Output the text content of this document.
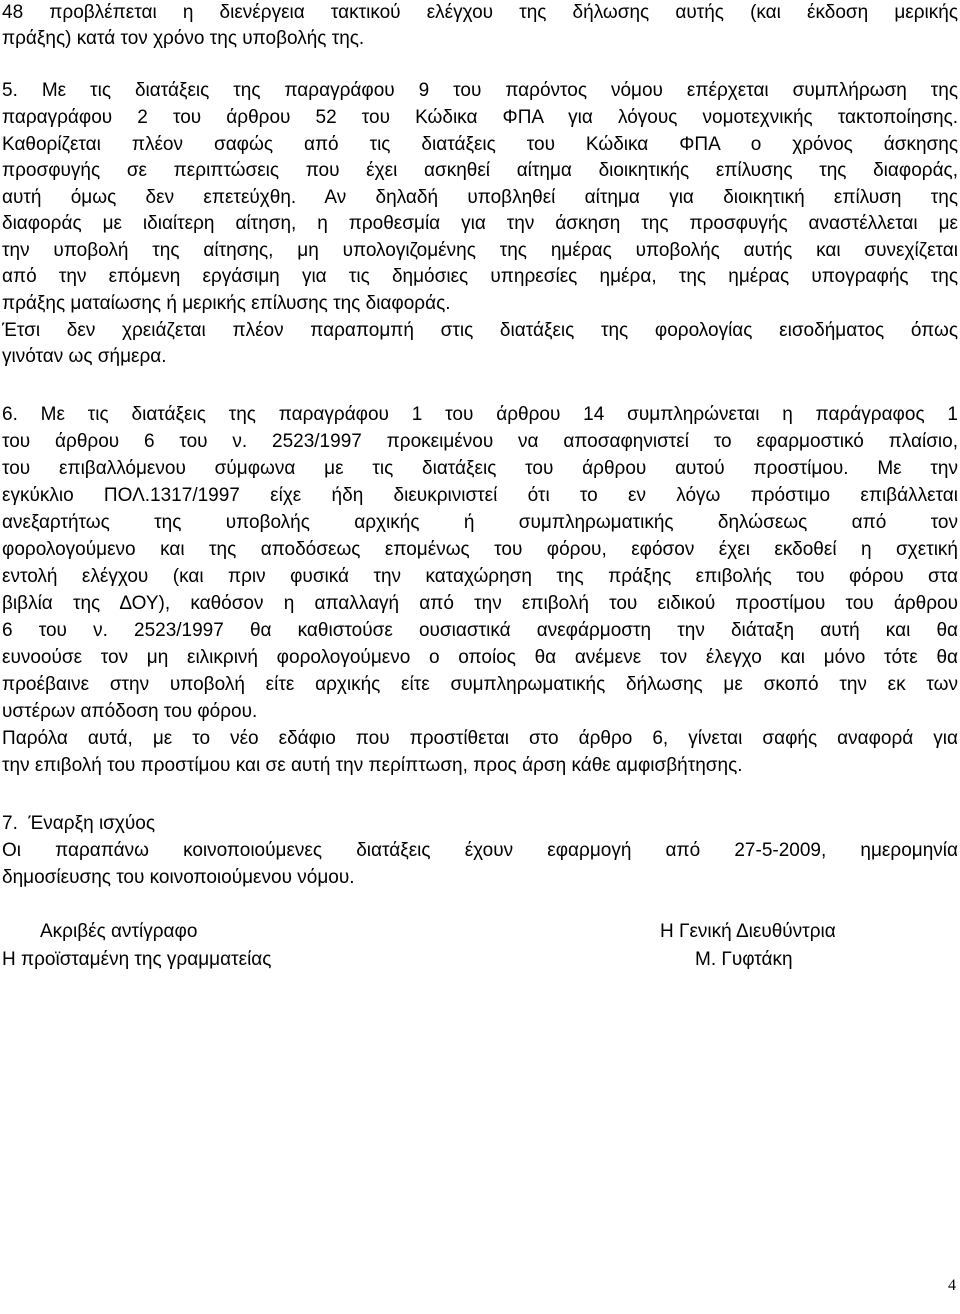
48 προβλέπεται η διενέργεια τακτικού ελέγχου της δήλωσης αυτής (και έκδοση μερικής
πράξης) κατά τον χρόνο της υποβολής της.
5. Με τις διατάξεις της παραγράφου 9 του παρόντος νόμου επέρχεται συμπλήρωση της
παραγράφου 2 του άρθρου 52 του Κώδικα ΦΠΑ για λόγους νομοτεχνικής τακτοποίησης.
Καθορίζεται πλέον σαφώς από τις διατάξεις του Κώδικα ΦΠΑ ο χρόνος άσκησης
προσφυγής σε περιπτώσεις που έχει ασκηθεί αίτημα διοικητικής επίλυσης της διαφοράς,
αυτή όμως δεν επετεύχθη. Αν δηλαδή υποβληθεί αίτημα για διοικητική επίλυση της
διαφοράς με ιδιαίτερη αίτηση, η προθεσμία για την άσκηση της προσφυγής αναστέλλεται με
την υποβολή της αίτησης, μη υπολογιζομένης της ημέρας υποβολής αυτής και συνεχίζεται
από την επόμενη εργάσιμη για τις δημόσιες υπηρεσίες ημέρα, της ημέρας υπογραφής της
πράξης ματαίωσης ή μερικής επίλυσης της διαφοράς.
Έτσι δεν χρειάζεται πλέον παραπομπή στις διατάξεις της φορολογίας εισοδήματος όπως
γινόταν ως σήμερα.
6. Με τις διατάξεις της παραγράφου 1 του άρθρου 14 συμπληρώνεται η παράγραφος 1
του άρθρου 6 του ν. 2523/1997 προκειμένου να αποσαφηνιστεί το εφαρμοστικό πλαίσιο,
του επιβαλλόμενου σύμφωνα με τις διατάξεις του άρθρου αυτού προστίμου. Με την
εγκύκλιο ΠΟΛ.1317/1997 είχε ήδη διευκρινιστεί ότι το εν λόγω πρόστιμο επιβάλλεται
ανεξαρτήτως της υποβολής αρχικής ή συμπληρωματικής δηλώσεως από τον
φορολογούμενο και της αποδόσεως επομένως του φόρου, εφόσον έχει εκδοθεί η σχετική
εντολή ελέγχου (και πριν φυσικά την καταχώρηση της πράξης επιβολής του φόρου στα
βιβλία της ΔΟΥ), καθόσον η απαλλαγή από την επιβολή του ειδικού προστίμου του άρθρου
6 του ν. 2523/1997 θα καθιστούσε ουσιαστικά ανεφάρμοστη την διάταξη αυτή και θα
ευνοούσε τον μη ειλικρινή φορολογούμενο ο οποίος θα ανέμενε τον έλεγχο και μόνο τότε θα
προέβαινε στην υποβολή είτε αρχικής είτε συμπληρωματικής δήλωσης με σκοπό την εκ των
υστέρων απόδοση του φόρου.
Παρόλα αυτά, με το νέο εδάφιο που προστίθεται στο άρθρο 6, γίνεται σαφής αναφορά για
την επιβολή του προστίμου και σε αυτή την περίπτωση, προς άρση κάθε αμφισβήτησης.
7.  Έναρξη ισχύος
Οι παραπάνω κοινοποιούμενες διατάξεις έχουν εφαρμογή από 27-5-2009, ημερομηνία
δημοσίευσης του κοινοποιούμενου νόμου.
Ακριβές αντίγραφο
Η προϊσταμένη της γραμματείας
Η Γενική Διευθύντρια
Μ. Γυφτάκη
4
